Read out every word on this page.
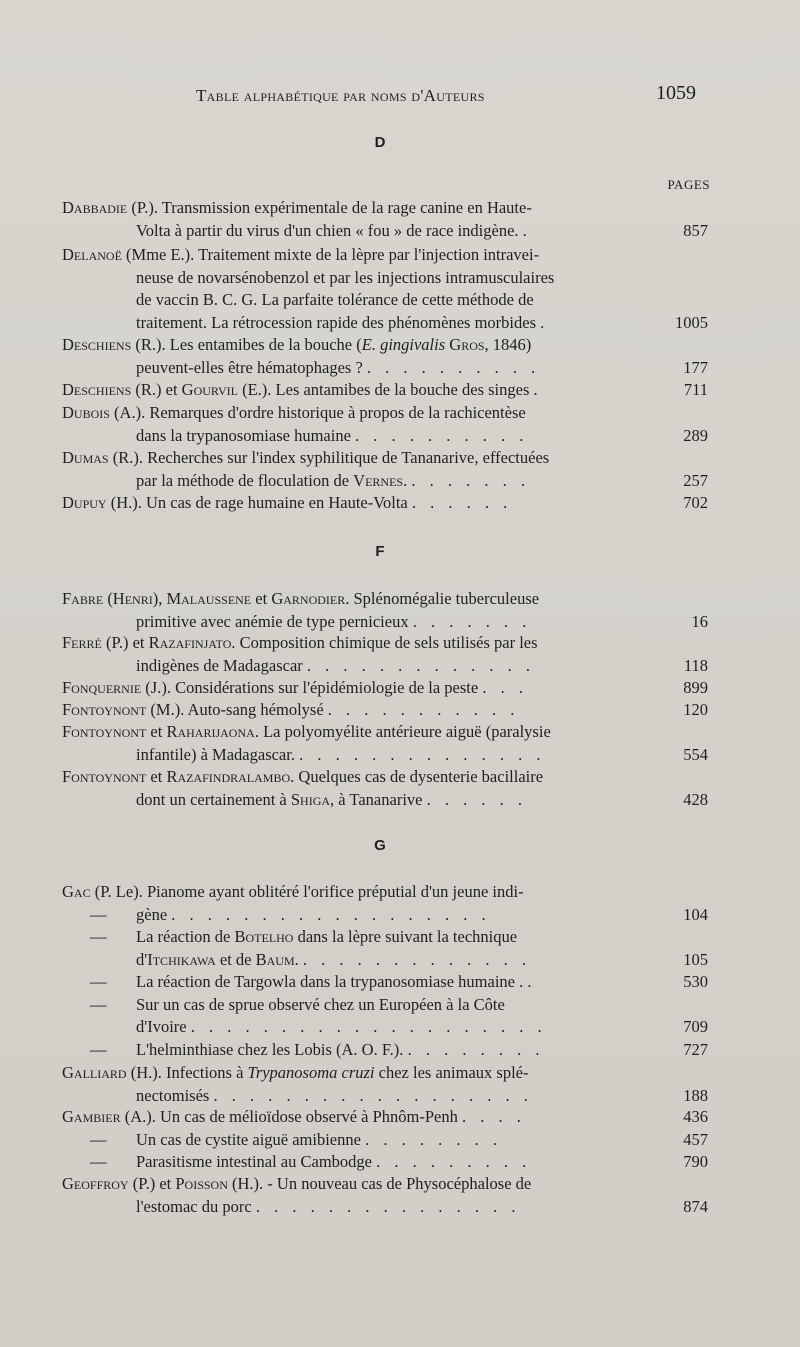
Table alphabétique par noms d'Auteurs	1059
D
PAGES
Dabbadie (P.). Transmission expérimentale de la rage canine en Haute-
Volta à partir du virus d'un chien « fou » de race indigène. .	857
Delanoë (Mme E.). Traitement mixte de la lèpre par l'injection intravei-
neuse de novarsénobenzol et par les injections intramusculaires
de vaccin B. C. G. La parfaite tolérance de cette méthode de
traitement. La rétrocession rapide des phénomènes morbides .	1005
Deschiens (R.). Les entamibes de la bouche (E. gingivalis Gros, 1846)
peuvent-elles être hématophages ? . . . . . . . . . .	177
Deschiens (R.) et Gourvil (E.). Les antamibes de la bouche des singes .	711
Dubois (A.). Remarques d'ordre historique à propos de la rachicentèse
dans la trypanosomiase humaine . . . . . . . . . .	289
Dumas (R.). Recherches sur l'index syphilitique de Tananarive, effectuées
par la méthode de floculation de Vernes. . . . . . . .	257
Dupuy (H.). Un cas de rage humaine en Haute-Volta . . . . . .	702
F
Fabre (Henri), Malaussene et Garnodier. Splénomégalie tuberculeuse
primitive avec anémie de type pernicieux . . . . . . .	16
Ferré (P.) et Razafinjato. Composition chimique de sels utilisés par les
indigènes de Madagascar . . . . . . . . . . . . .	118
Fonquernie (J.). Considérations sur l'épidémiologie de la peste . . .	899
Fontoynont (M.). Auto-sang hémolysé . . . . . . . . . . .	120
Fontoynont et Raharijaona. La polyomyélite antérieure aiguë (paralysie
infantile) à Madagascar. . . . . . . . . . . . . . .	554
Fontoynont et Razafindralambo. Quelques cas de dysenterie bacillaire
dont un certainement à Shiga, à Tananarive . . . . . .	428
G
Gac (P. Le). Pianome ayant oblitéré l'orifice préputial d'un jeune indi-
— gène . . . . . . . . . . . . . . . . . .	104
— La réaction de Botelho dans la lèpre suivant la technique
d'Itchikawa et de Baum. . . . . . . . . . . . . .	105
— La réaction de Targowla dans la trypanosomiase humaine . .	530
— Sur un cas de sprue observé chez un Européen à la Côte
d'Ivoire . . . . . . . . . . . . . . . . . . . .	709
— L'helminthiase chez les Lobis (A. O. F.). . . . . . . . .	727
Galliard (H.). Infections à Trypanosoma cruzi chez les animaux splé-
nectomisés . . . . . . . . . . . . . . . . . .	188
Gambier (A.). Un cas de mélioïdose observé à Phnôm-Penh . . . .	436
— Un cas de cystite aiguë amibienne . . . . . . . .	457
— Parasitisme intestinal au Cambodge . . . . . . . . .	790
Geoffroy (P.) et Poisson (H.). - Un nouveau cas de Physocéphalose de
l'estomac du porc . . . . . . . . . . . . . . .	874
